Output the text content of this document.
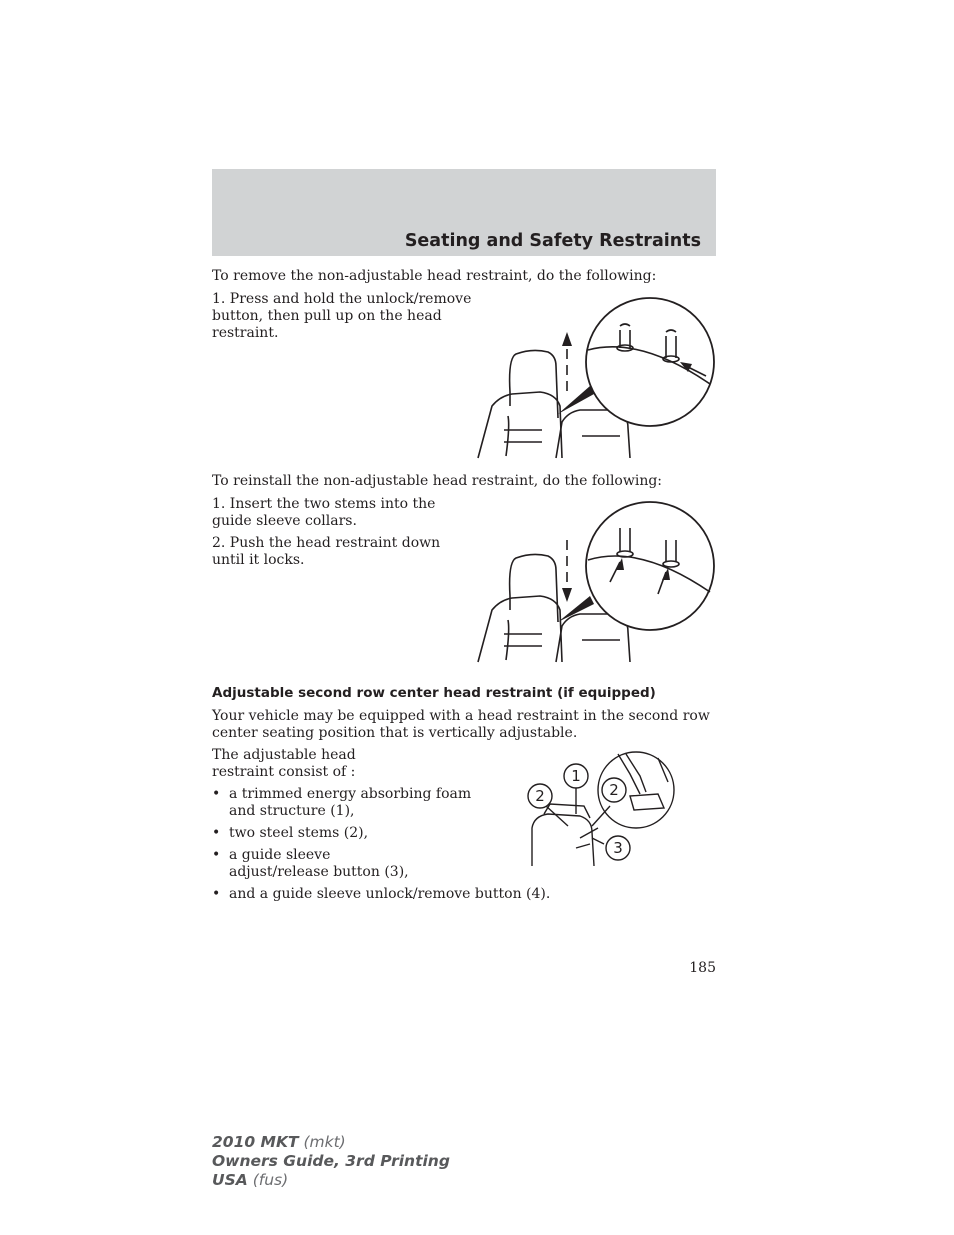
Seating and Safety Restraints

To remove the non-adjustable head restraint, do the following:

1. Press and hold the unlock/remove button, then pull up on the head restraint.

To reinstall the non-adjustable head restraint, do the following:

1. Insert the two stems into the guide sleeve collars.

2. Push the head restraint down until it locks.

Adjustable second row center head restraint (if equipped)

Your vehicle may be equipped with a head restraint in the second row center seating position that is vertically adjustable.

The adjustable head restraint consist of :

• a trimmed energy absorbing foam and structure (1),
• two steel stems (2),
• a guide sleeve adjust/release button (3),
• and a guide sleeve unlock/remove button (4).
1
2	2
3
185
2010 MKT (mkt)
Owners Guide, 3rd Printing
USA (fus)
